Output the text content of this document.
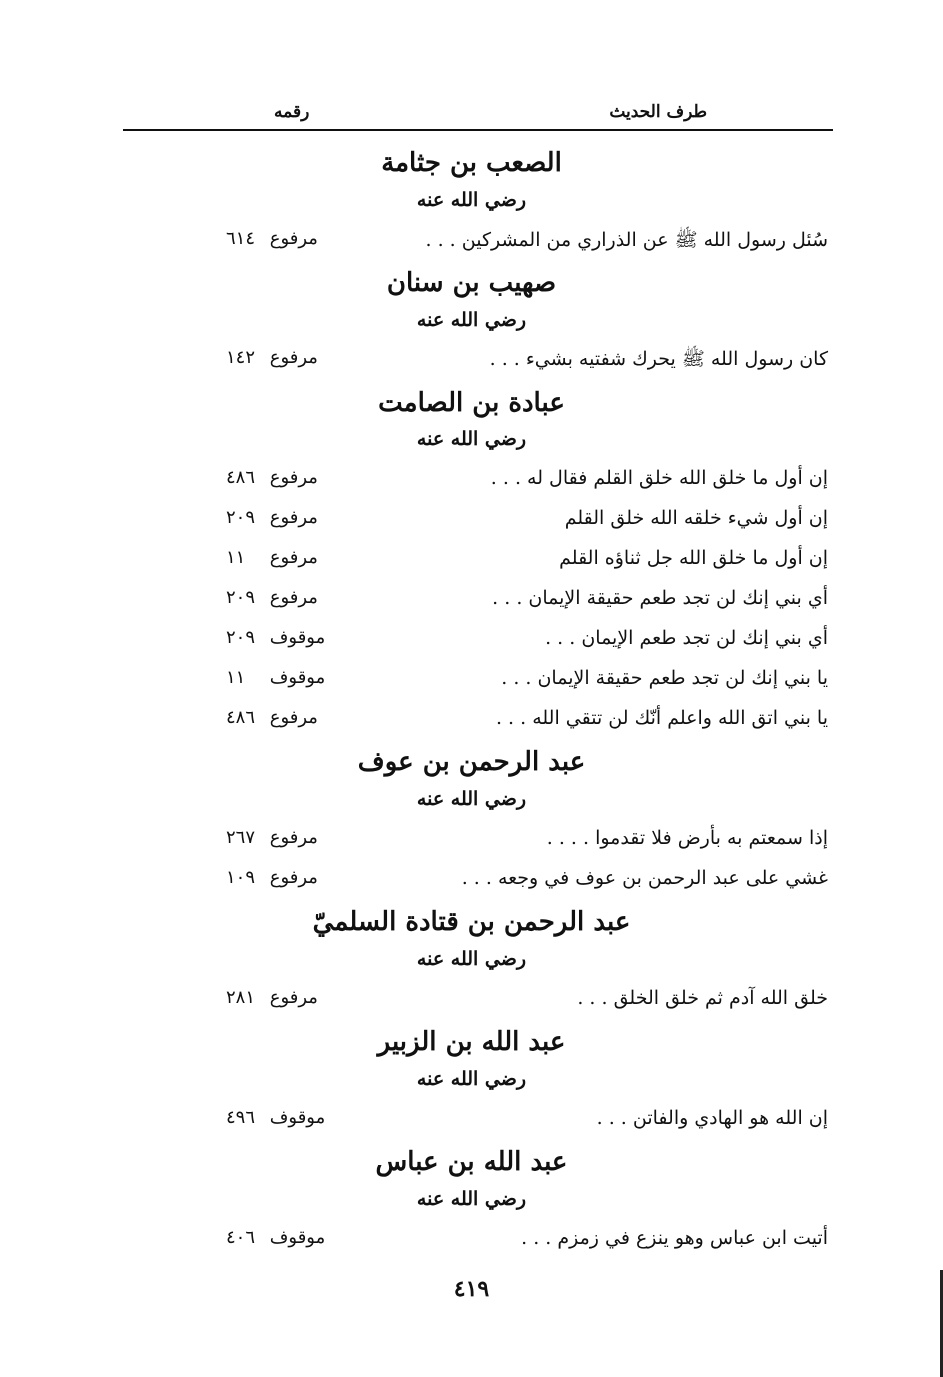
طرف الحديث
رقمه
الصعب بن جثامة
رضي الله عنه
سُئل رسول الله ﷺ عن الذراري من المشركين . . .
٦١٤ مرفوع
صهيب بن سنان
رضي الله عنه
كان رسول الله ﷺ يحرك شفتيه بشيء . . .
١٤٢ مرفوع
عبادة بن الصامت
رضي الله عنه
إن أول ما خلق الله خلق القلم فقال له . . .
٤٨٦ مرفوع
إن أول شيء خلقه الله خلق القلم
٢٠٩ مرفوع
إن أول ما خلق الله جل ثناؤه القلم
١١ مرفوع
أي بني إنك لن تجد طعم حقيقة الإيمان . . .
٢٠٩ مرفوع
أي بني إنك لن تجد طعم الإيمان . . .
٢٠٩ موقوف
يا بني إنك لن تجد طعم حقيقة الإيمان . . .
١١ موقوف
يا بني اتق الله واعلم أنّك لن تتقي الله . . .
٤٨٦ مرفوع
عبد الرحمن بن عوف
رضي الله عنه
إذا سمعتم به بأرض فلا تقدموا . . . .
٢٦٧ مرفوع
غشي على عبد الرحمن بن عوف في وجعه . . .
١٠٩ مرفوع
عبد الرحمن بن قتادة السلميّ
رضي الله عنه
خلق الله آدم ثم خلق الخلق . . .
٢٨١ مرفوع
عبد الله بن الزبير
رضي الله عنه
إن الله هو الهادي والفاتن . . .
٤٩٦ موقوف
عبد الله بن عباس
رضي الله عنه
أتيت ابن عباس وهو ينزع في زمزم . . .
٤٠٦ موقوف
٤١٩
